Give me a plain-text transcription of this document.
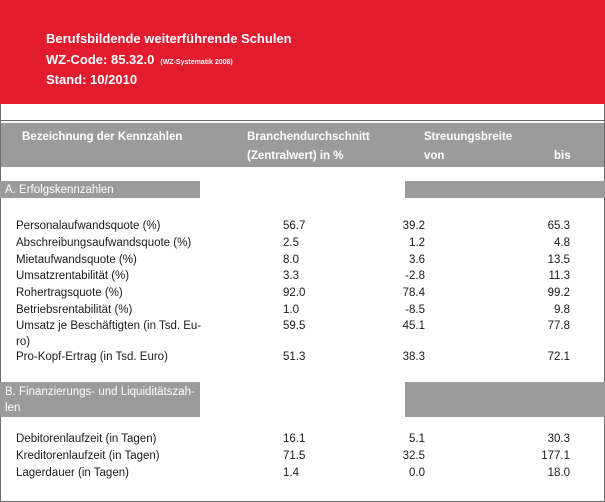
Berufsbildende weiterführende Schulen
WZ-Code: 85.32.0 (WZ-Systematik 2008)
Stand: 10/2010
Bezeichnung der Kennzahlen	Branchendurchschnitt
(Zentralwert) in %
Streuungsbreite
von	bis
A. Erfolgskennzahlen
Personalaufwandsquote (%)	56.7	39.2	65.3
Abschreibungsaufwandsquote (%)	2.5	1.2	4.8
Mietaufwandsquote (%)	8.0	3.6	13.5
Umsatzrentabilität (%)	3.3	-2.8	11.3
Rohertragsquote (%)	92.0	78.4	99.2
Betriebsrentabilität (%)	1.0	-8.5	9.8
Umsatz je Beschäftigten (in Tsd. Eu-
ro)
59.5	45.1	77.8
Pro-Kopf-Ertrag (in Tsd. Euro)	51.3	38.3	72.1
B. Finanzierungs- und Liquiditätszah-
len
Debitorenlaufzeit (in Tagen)	16.1	5.1	30.3
Kreditorenlaufzeit (in Tagen)	71.5	32.5	177.1
Lagerdauer (in Tagen)	1.4	0.0	18.0
